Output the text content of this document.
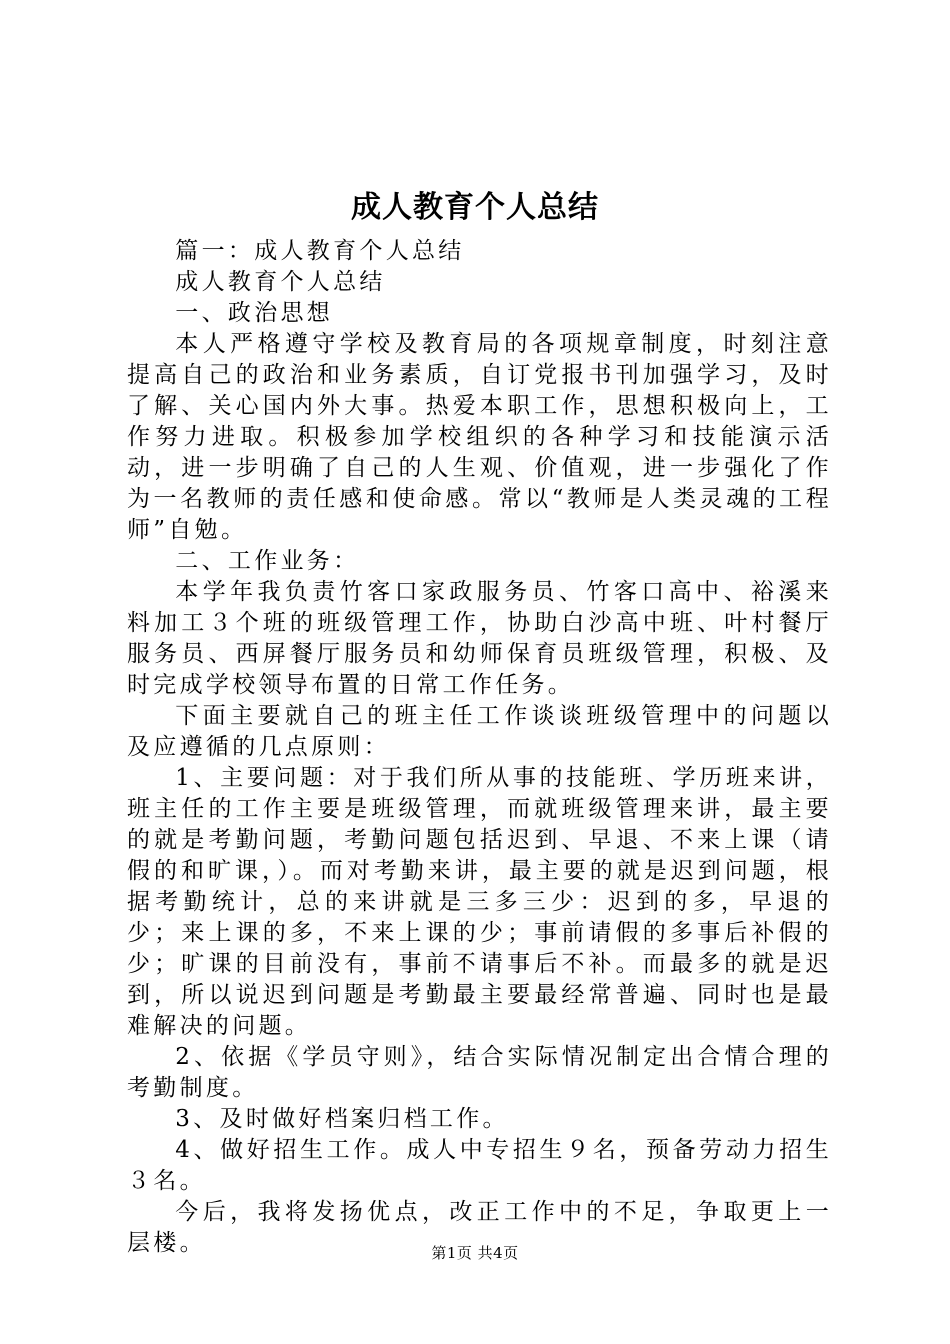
成人教育个人总结

篇一：成人教育个人总结

成人教育个人总结

一、政治思想

本人严格遵守学校及教育局的各项规章制度，时刻注意提高自己的政治和业务素质，自订党报书刊加强学习，及时了解、关心国内外大事。热爱本职工作，思想积极向上，工作努力进取。积极参加学校组织的各种学习和技能演示活动，进一步明确了自己的人生观、价值观，进一步强化了作为一名教师的责任感和使命感。常以“教师是人类灵魂的工程师”自勉。

二、工作业务：

本学年我负责竹客口家政服务员、竹客口高中、裕溪来料加工３个班的班级管理工作，协助白沙高中班、叶村餐厅服务员、西屏餐厅服务员和幼师保育员班级管理，积极、及时完成学校领导布置的日常工作任务。

下面主要就自己的班主任工作谈谈班级管理中的问题以及应遵循的几点原则：

1、主要问题：对于我们所从事的技能班、学历班来讲，班主任的工作主要是班级管理，而就班级管理来讲，最主要的就是考勤问题，考勤问题包括迟到、早退、不来上课（请假的和旷课，）。而对考勤来讲，最主要的就是迟到问题，根据考勤统计，总的来讲就是三多三少：迟到的多，早退的少；来上课的多，不来上课的少；事前请假的多事后补假的少；旷课的目前没有，事前不请事后不补。而最多的就是迟到，所以说迟到问题是考勤最主要最经常普遍、同时也是最难解决的问题。

2、依据《学员守则》，结合实际情况制定出合情合理的考勤制度。

3、及时做好档案归档工作。

4、做好招生工作。成人中专招生９名，预备劳动力招生３名。

今后，我将发扬优点，改正工作中的不足，争取更上一层楼。	第1页 共4页
